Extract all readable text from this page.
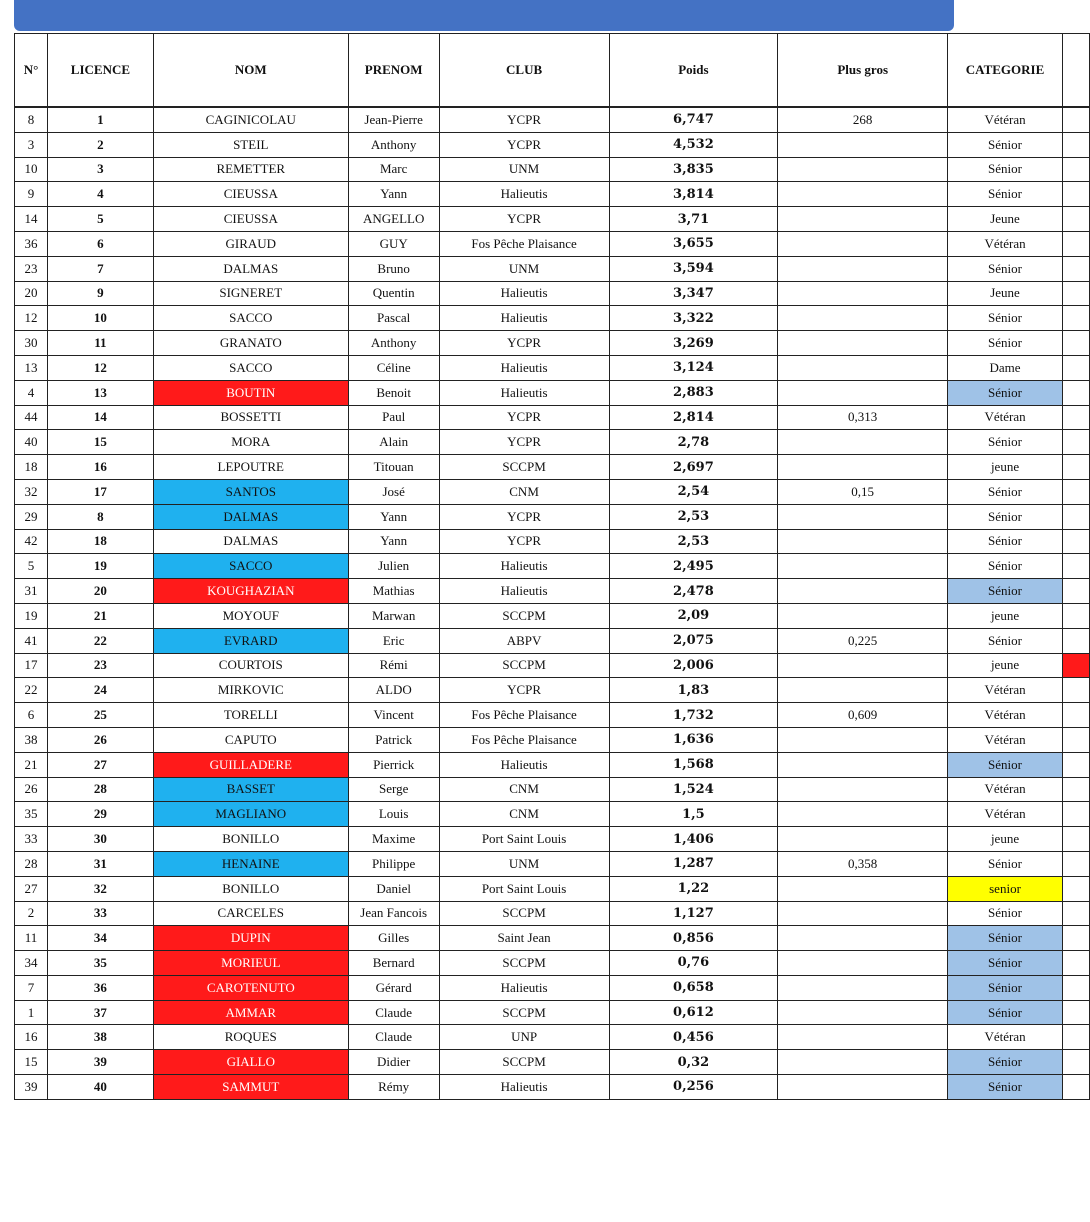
N°	LICENCE	NOM	PRENOM	CLUB	Poids	Plus gros	CATEGORIE	
8	1	CAGINICOLAU	Jean-Pierre	YCPR	6,747	268	Vétéran	
3	2	STEIL	Anthony	YCPR	4,532		Sénior	
10	3	REMETTER	Marc	UNM	3,835		Sénior	
9	4	CIEUSSA	Yann	Halieutis	3,814		Sénior	
14	5	CIEUSSA	ANGELLO	YCPR	3,71		Jeune	
36	6	GIRAUD	GUY	Fos Pêche Plaisance	3,655		Vétéran	
23	7	DALMAS	Bruno	UNM	3,594		Sénior	
20	9	SIGNERET	Quentin	Halieutis	3,347		Jeune	
12	10	SACCO	Pascal	Halieutis	3,322		Sénior	
30	11	GRANATO	Anthony	YCPR	3,269		Sénior	
13	12	SACCO	Céline	Halieutis	3,124		Dame	
4	13	BOUTIN	Benoit	Halieutis	2,883		Sénior	
44	14	BOSSETTI	Paul	YCPR	2,814	0,313	Vétéran	
40	15	MORA	Alain	YCPR	2,78		Sénior	
18	16	LEPOUTRE	Titouan	SCCPM	2,697		jeune	
32	17	SANTOS	José	CNM	2,54	0,15	Sénior	
29	8	DALMAS	Yann	YCPR	2,53		Sénior	
42	18	DALMAS	Yann	YCPR	2,53		Sénior	
5	19	SACCO	Julien	Halieutis	2,495		Sénior	
31	20	KOUGHAZIAN	Mathias	Halieutis	2,478		Sénior	
19	21	MOYOUF	Marwan	SCCPM	2,09		jeune	
41	22	EVRARD	Eric	ABPV	2,075	0,225	Sénior	
17	23	COURTOIS	Rémi	SCCPM	2,006		jeune	
22	24	MIRKOVIC	ALDO	YCPR	1,83		Vétéran	
6	25	TORELLI	Vincent	Fos Pêche Plaisance	1,732	0,609	Vétéran	
38	26	CAPUTO	Patrick	Fos Pêche Plaisance	1,636		Vétéran	
21	27	GUILLADERE	Pierrick	Halieutis	1,568		Sénior	
26	28	BASSET	Serge	CNM	1,524		Vétéran	
35	29	MAGLIANO	Louis	CNM	1,5		Vétéran	
33	30	BONILLO	Maxime	Port Saint Louis	1,406		jeune	
28	31	HENAINE	Philippe	UNM	1,287	0,358	Sénior	
27	32	BONILLO	Daniel	Port Saint Louis	1,22		senior	
2	33	CARCELES	Jean Fancois	SCCPM	1,127		Sénior	
11	34	DUPIN	Gilles	Saint Jean	0,856		Sénior	
34	35	MORIEUL	Bernard	SCCPM	0,76		Sénior	
7	36	CAROTENUTO	Gérard	Halieutis	0,658		Sénior	
1	37	AMMAR	Claude	SCCPM	0,612		Sénior	
16	38	ROQUES	Claude	UNP	0,456		Vétéran	
15	39	GIALLO	Didier	SCCPM	0,32		Sénior	
39	40	SAMMUT	Rémy	Halieutis	0,256		Sénior	
